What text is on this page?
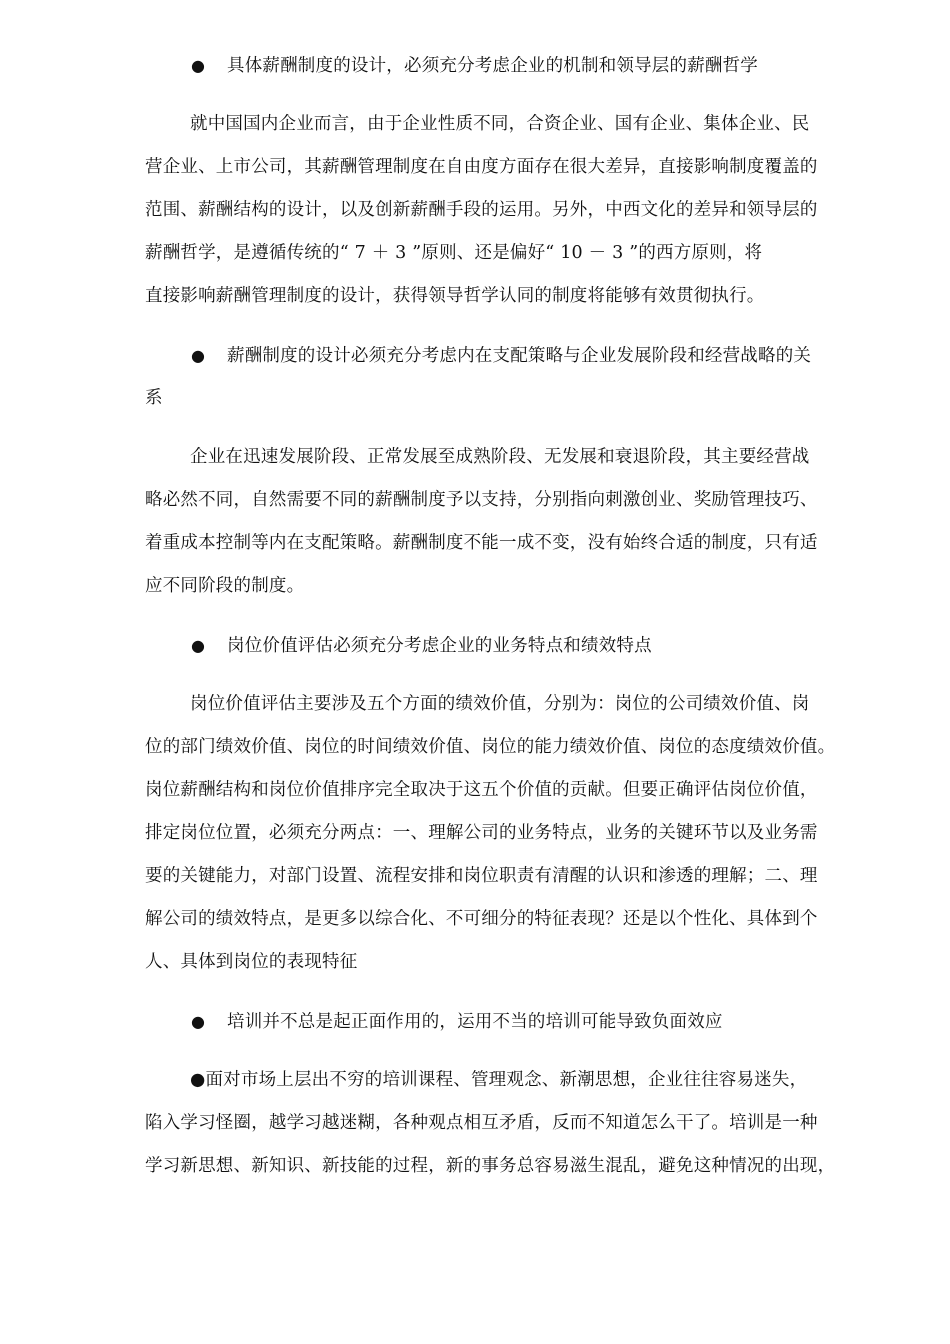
● 具体薪酬制度的设计，必须充分考虑企业的机制和领导层的薪酬哲学
就中国国内企业而言，由于企业性质不同，合资企业、国有企业、集体企业、民
营企业、上市公司，其薪酬管理制度在自由度方面存在很大差异，直接影响制度覆盖的
范围、薪酬结构的设计，以及创新薪酬手段的运用。另外，中西文化的差异和领导层的
薪酬哲学，是遵循传统的“ 7 ＋ 3 ”原则、还是偏好“ 10 － 3 ”的西方原则，将
直接影响薪酬管理制度的设计，获得领导哲学认同的制度将能够有效贯彻执行。
● 薪酬制度的设计必须充分考虑内在支配策略与企业发展阶段和经营战略的关
系
企业在迅速发展阶段、正常发展至成熟阶段、无发展和衰退阶段，其主要经营战
略必然不同，自然需要不同的薪酬制度予以支持，分别指向刺激创业、奖励管理技巧、
着重成本控制等内在支配策略。薪酬制度不能一成不变，没有始终合适的制度，只有适
应不同阶段的制度。
● 岗位价值评估必须充分考虑企业的业务特点和绩效特点
岗位价值评估主要涉及五个方面的绩效价值，分别为：岗位的公司绩效价值、岗
位的部门绩效价值、岗位的时间绩效价值、岗位的能力绩效价值、岗位的态度绩效价值。
岗位薪酬结构和岗位价值排序完全取决于这五个价值的贡献。但要正确评估岗位价值，
排定岗位位置，必须充分两点：一、理解公司的业务特点，业务的关键环节以及业务需
要的关键能力，对部门设置、流程安排和岗位职责有清醒的认识和渗透的理解；二、理
解公司的绩效特点，是更多以综合化、不可细分的特征表现？还是以个性化、具体到个
人、具体到岗位的表现特征
● 培训并不总是起正面作用的，运用不当的培训可能导致负面效应
●面对市场上层出不穷的培训课程、管理观念、新潮思想，企业往往容易迷失，
陷入学习怪圈，越学习越迷糊，各种观点相互矛盾，反而不知道怎么干了。培训是一种
学习新思想、新知识、新技能的过程，新的事务总容易滋生混乱，避免这种情况的出现，
